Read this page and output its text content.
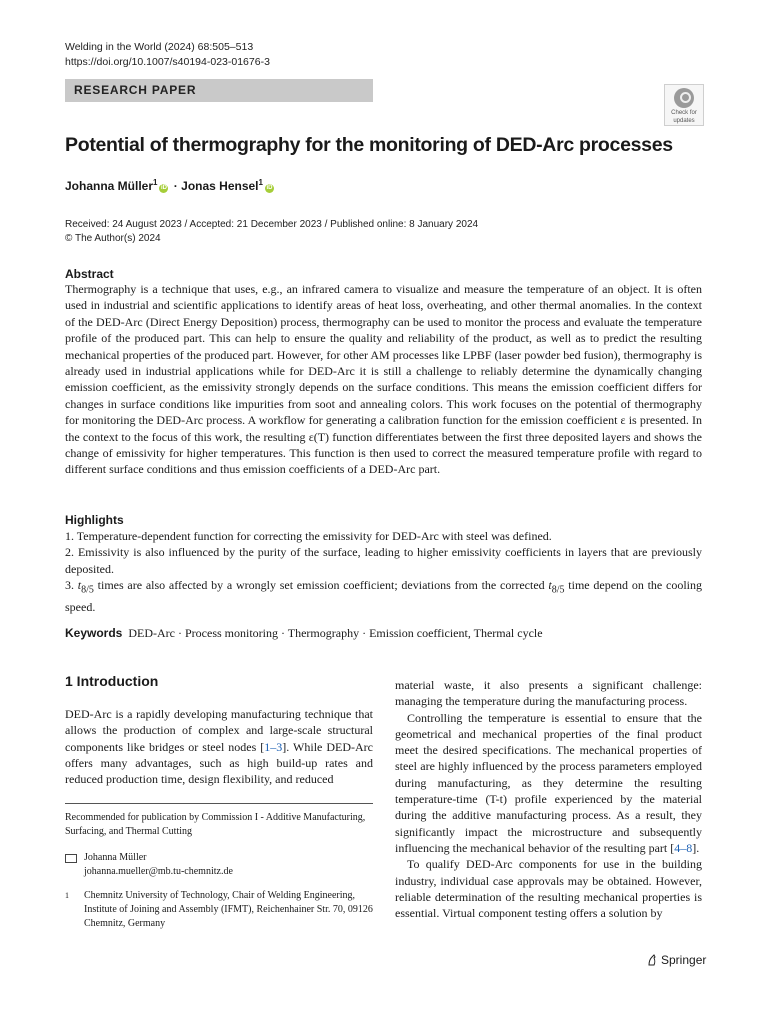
Welding in the World (2024) 68:505–513
https://doi.org/10.1007/s40194-023-01676-3
RESEARCH PAPER
Check for
updates
Potential of thermography for the monitoring of DED-Arc processes
Johanna Müller$^1$iD · Jonas Hensel$^1$iD
Received: 24 August 2023 / Accepted: 21 December 2023 / Published online: 8 January 2024
© The Author(s) 2024
Abstract
Thermography is a technique that uses, e.g., an infrared camera to visualize and measure the temperature of an object. It is often used in industrial and scientific applications to identify areas of heat loss, overheating, and other thermal anomalies. In the context of the DED-Arc (Direct Energy Deposition) process, thermography can be used to monitor the process and evaluate the temperature profile of the produced part. This can help to ensure the quality and reliability of the product, as well as to predict the resulting mechanical properties of the produced part. However, for other AM processes like LPBF (laser powder bed fusion), thermography is already used in industrial applications while for DED-Arc it is still a challenge to reliably determine the dynamically changing emission coefficient, as the emissivity strongly depends on the surface conditions. This means the emission coefficient differs for changes in surface conditions like impurities from soot and annealing colors. This work focuses on the potential of thermography for monitoring the DED-Arc process. A workflow for generating a calibration function for the emission coefficient ε is presented. In the context to the focus of this work, the resulting ε(T) function differentiates between the first three deposited layers and shows the change of emissivity for higher temperatures. This function is then used to correct the measured temperature profile with regard to different surface conditions and thus emission coefficients of a DED-Arc part.
Highlights

1. Temperature-dependent function for correcting the emissivity for DED-Arc with steel was defined.

2. Emissivity is also influenced by the purity of the surface, leading to higher emissivity coefficients in layers that are previously deposited.

3. $t_{8/5}$ times are also affected by a wrongly set emission coefficient; deviations from the corrected $t_{8/5}$ time depend on the cooling speed.

Keywords DED-Arc · Process monitoring · Thermography · Emission coefficient, Thermal cycle
1 Introduction
DED-Arc is a rapidly developing manufacturing technique that allows the production of complex and large-scale structural components like bridges or steel nodes [1–3]. While DED-Arc offers many advantages, such as high build-up rates and reduced production time, design flexibility, and reduced
Recommended for publication by Commission I - Additive Manufacturing, Surfacing, and Thermal Cutting
Johanna Müller
johanna.mueller@mb.tu-chemnitz.de
1 Chemnitz University of Technology, Chair of Welding Engineering, Institute of Joining and Assembly (IFMT), Reichenhainer Str. 70, 09126 Chemnitz, Germany

material waste, it also presents a significant challenge: managing the temperature during the manufacturing process.

Controlling the temperature is essential to ensure that the geometrical and mechanical properties of the final product meet the desired specifications. The mechanical properties of steel are highly influenced by the process parameters employed during manufacturing, as they determine the resulting temperature-time (T-t) profile experienced by the material during the additive manufacturing process. As a result, they significantly impact the microstructure and subsequently influencing the mechanical behavior of the resulting part [4–8].

To qualify DED-Arc components for use in the building industry, individual case approvals may be obtained. However, reliable determination of the resulting mechanical properties is essential. Virtual component testing offers a solution by

Springer
